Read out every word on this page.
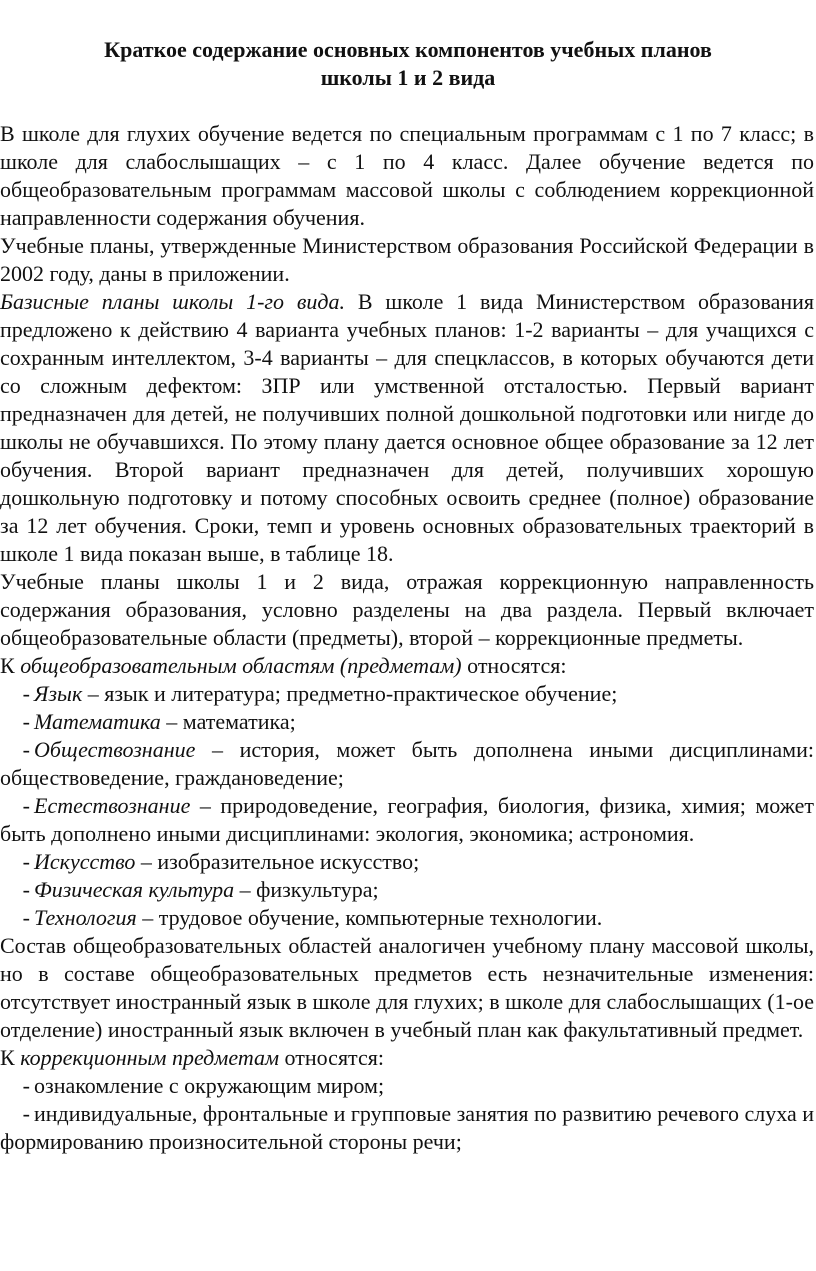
Краткое содержание основных компонентов учебных планов
школы 1 и 2 вида

В школе для глухих обучение ведется по специальным программам с 1 по 7 класс; в школе для слабослышащих – с 1 по 4 класс. Далее обучение ведется по общеобразовательным программам массовой школы с соблюдением коррекционной направленности содержания обучения.

Учебные планы, утвержденные Министерством образования Российской Федерации в 2002 году, даны в приложении.

Базисные планы школы 1-го вида. В школе 1 вида Министерством образования предложено к действию 4 варианта учебных планов: 1-2 варианты – для учащихся с сохранным интеллектом, 3-4 варианты – для спецклассов, в которых обучаются дети со сложным дефектом: ЗПР или умственной отсталостью. Первый вариант предназначен для детей, не получивших полной дошкольной подготовки или нигде до школы не обучавшихся. По этому плану дается основное общее образование за 12 лет обучения. Второй вариант предназначен для детей, получивших хорошую дошкольную подготовку и потому способных освоить среднее (полное) образование за 12 лет обучения. Сроки, темп и уровень основных образовательных траекторий в школе 1 вида показан выше, в таблице 18.

Учебные планы школы 1 и 2 вида, отражая коррекционную направленность содержания образования, условно разделены на два раздела. Первый включает общеобразовательные области (предметы), второй – коррекционные предметы.

К общеобразовательным областям (предметам) относятся:

- Язык – язык и литература; предметно-практическое обучение;

- Математика – математика;

- Обществознание – история, может быть дополнена иными дисциплинами: обществоведение, граждановедение;

- Естествознание – природоведение, география, биология, физика, химия; может быть дополнено иными дисциплинами: экология, экономика; астрономия.

- Искусство – изобразительное искусство;

- Физическая культура – физкультура;

- Технология – трудовое обучение, компьютерные технологии.

Состав общеобразовательных областей аналогичен учебному плану массовой школы, но в составе общеобразовательных предметов есть незначительные изменения: отсутствует иностранный язык в школе для глухих; в школе для слабослышащих (1-ое отделение) иностранный язык включен в учебный план как факультативный предмет.

К коррекционным предметам относятся:

- ознакомление с окружающим миром;

- индивидуальные, фронтальные и групповые занятия по развитию речевого слуха и формированию произносительной стороны речи;
